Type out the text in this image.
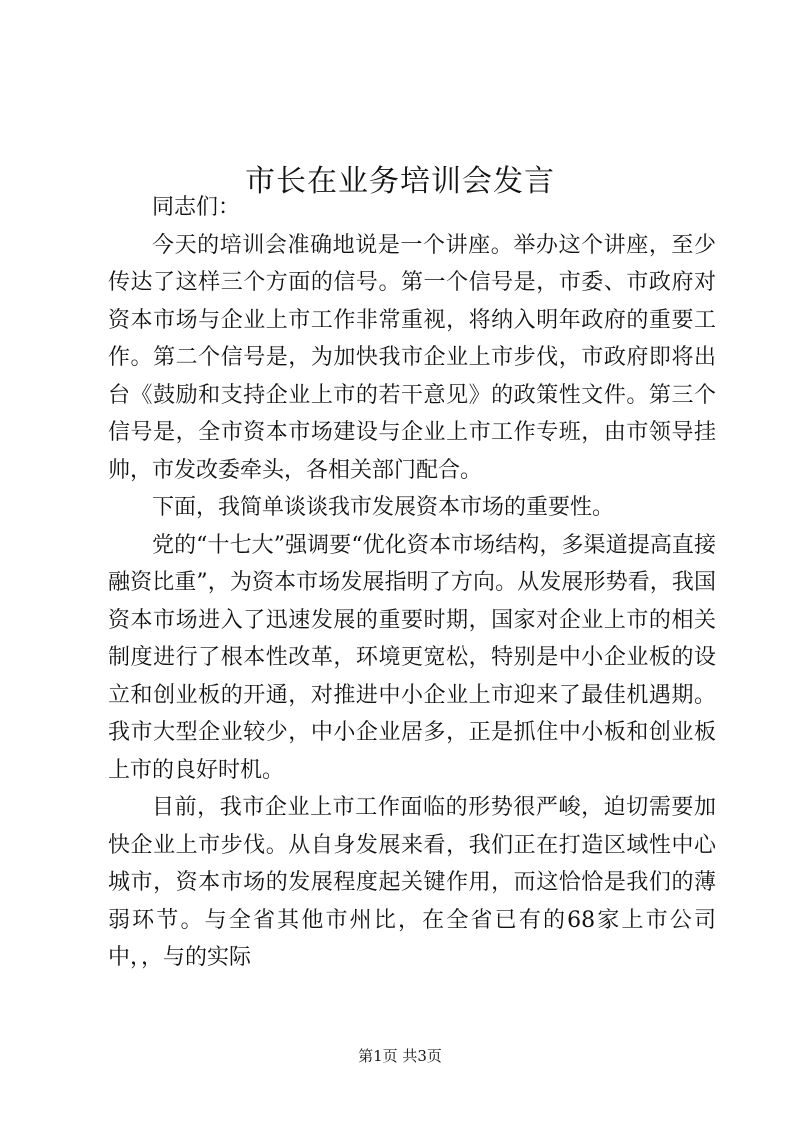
市长在业务培训会发言

同志们：

今天的培训会准确地说是一个讲座。举办这个讲座，至少传达了这样三个方面的信号。第一个信号是，市委、市政府对资本市场与企业上市工作非常重视，将纳入明年政府的重要工作。第二个信号是，为加快我市企业上市步伐，市政府即将出台《鼓励和支持企业上市的若干意见》的政策性文件。第三个信号是，全市资本市场建设与企业上市工作专班，由市领导挂帅，市发改委牵头，各相关部门配合。

下面，我简单谈谈我市发展资本市场的重要性。

党的“十七大”强调要“优化资本市场结构，多渠道提高直接融资比重”，为资本市场发展指明了方向。从发展形势看，我国资本市场进入了迅速发展的重要时期，国家对企业上市的相关制度进行了根本性改革，环境更宽松，特别是中小企业板的设立和创业板的开通，对推进中小企业上市迎来了最佳机遇期。我市大型企业较少，中小企业居多，正是抓住中小板和创业板上市的良好时机。

目前，我市企业上市工作面临的形势很严峻，迫切需要加快企业上市步伐。从自身发展来看，我们正在打造区域性中心城市，资本市场的发展程度起关键作用，而这恰恰是我们的薄弱环节。与全省其他市州比，在全省已有的68家上市公司中，，与的实际

第1页 共3页
